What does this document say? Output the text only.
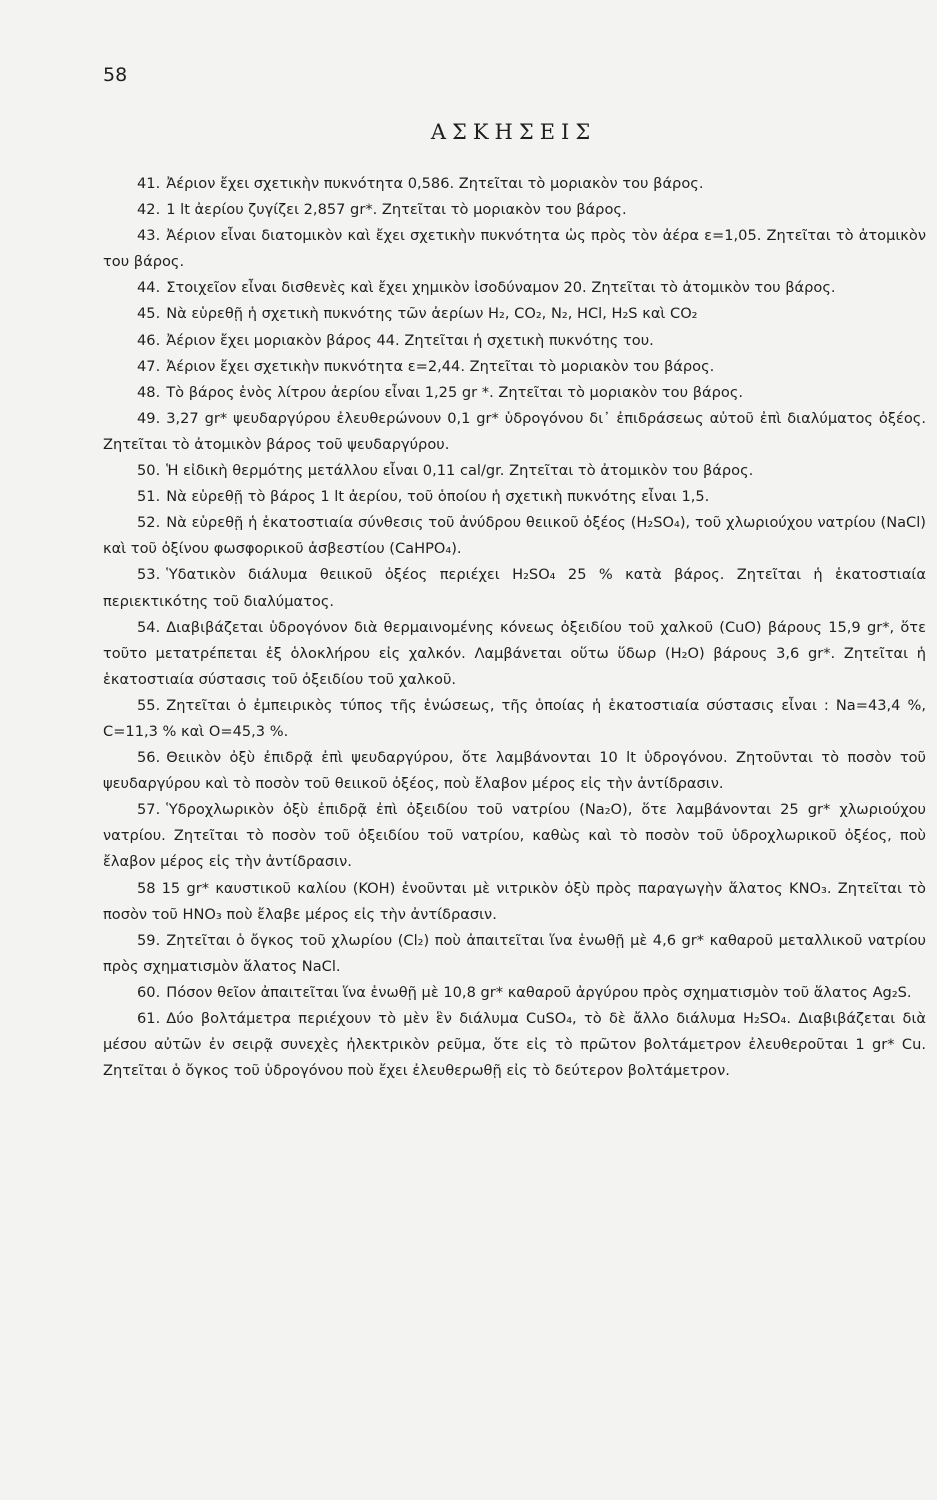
58
ΑΣΚΗΣΕΙΣ

41. Ἀέριον ἔχει σχετικὴν πυκνότητα 0,586. Ζητεῖται τὸ μοριακὸν του βάρος.

42. 1 lt ἀερίου ζυγίζει 2,857 gr*. Ζητεῖται τὸ μοριακὸν του βάρος.

43. Ἀέριον εἶναι διατομικὸν καὶ ἔχει σχετικὴν πυκνότητα ὡς πρὸς τὸν ἀέρα ε=1,05. Ζητεῖται τὸ ἀτομικὸν του βάρος.

44. Στοιχεῖον εἶναι δισθενὲς καὶ ἔχει χημικὸν ἰσοδύναμον 20. Ζητεῖται τὸ ἀτομικὸν του βάρος.

45. Νὰ εὑρεθῇ ἡ σχετικὴ πυκνότης τῶν ἀερίων H₂, CO₂, N₂, HCl, H₂S καὶ CO₂

46. Ἀέριον ἔχει μοριακὸν βάρος 44. Ζητεῖται ἡ σχετικὴ πυκνότης του.

47. Ἀέριον ἔχει σχετικὴν πυκνότητα ε=2,44. Ζητεῖται τὸ μοριακὸν του βάρος.

48. Τὸ βάρος ἑνὸς λίτρου ἀερίου εἶναι 1,25 gr *. Ζητεῖται τὸ μοριακὸν του βάρος.

49. 3,27 gr* ψευδαργύρου ἐλευθερώνουν 0,1 gr* ὑδρογόνου δι᾽ ἐπιδράσεως αὐτοῦ ἐπὶ διαλύματος ὀξέος. Ζητεῖται τὸ ἀτομικὸν βάρος τοῦ ψευδαργύρου.

50. Ἡ εἰδικὴ θερμότης μετάλλου εἶναι 0,11 cal/gr. Ζητεῖται τὸ ἀτομικὸν του βάρος.

51. Νὰ εὑρεθῇ τὸ βάρος 1 lt ἀερίου, τοῦ ὁποίου ἡ σχετικὴ πυκνότης εἶναι 1,5.

52. Νὰ εὑρεθῇ ἡ ἑκατοστιαία σύνθεσις τοῦ ἀνύδρου θειικοῦ ὀξέος (H₂SO₄), τοῦ χλωριούχου νατρίου (NaCl) καὶ τοῦ ὀξίνου φωσφορικοῦ ἀσβεστίου (CaHPO₄).

53. Ὑδατικὸν διάλυμα θειικοῦ ὀξέος περιέχει H₂SO₄ 25 % κατὰ βάρος. Ζητεῖται ἡ ἑκατοστιαία περιεκτικότης τοῦ διαλύματος.

54. Διαβιβάζεται ὑδρογόνον διὰ θερμαινομένης κόνεως ὀξειδίου τοῦ χαλκοῦ (CuO) βάρους 15,9 gr*, ὅτε τοῦτο μετατρέπεται ἐξ ὁλοκλήρου εἰς χαλκόν. Λαμβάνεται οὕτω ὕδωρ (H₂O) βάρους 3,6 gr*. Ζητεῖται ἡ ἑκατοστιαία σύστασις τοῦ ὀξειδίου τοῦ χαλκοῦ.

55. Ζητεῖται ὁ ἐμπειρικὸς τύπος τῆς ἑνώσεως, τῆς ὁποίας ἡ ἑκατοστιαία σύστασις εἶναι : Na=43,4 %, C=11,3 % καὶ O=45,3 %.

56. Θειικὸν ὀξὺ ἐπιδρᾷ ἐπὶ ψευδαργύρου, ὅτε λαμβάνονται 10 lt ὑδρογόνου. Ζητοῦνται τὸ ποσὸν τοῦ ψευδαργύρου καὶ τὸ ποσὸν τοῦ θειικοῦ ὀξέος, ποὺ ἔλαβον μέρος εἰς τὴν ἀντίδρασιν.

57. Ὑδροχλωρικὸν ὀξὺ ἐπιδρᾷ ἐπὶ ὀξειδίου τοῦ νατρίου (Na₂O), ὅτε λαμβάνονται 25 gr* χλωριούχου νατρίου. Ζητεῖται τὸ ποσὸν τοῦ ὀξειδίου τοῦ νατρίου, καθὼς καὶ τὸ ποσὸν τοῦ ὑδροχλωρικοῦ ὀξέος, ποὺ ἔλαβον μέρος εἰς τὴν ἀντίδρασιν.

58 15 gr* καυστικοῦ καλίου (KOH) ἑνοῦνται μὲ νιτρικὸν ὀξὺ πρὸς παραγωγὴν ἅλατος KNO₃. Ζητεῖται τὸ ποσὸν τοῦ HNO₃ ποὺ ἔλαβε μέρος εἰς τὴν ἀντίδρασιν.

59. Ζητεῖται ὁ ὄγκος τοῦ χλωρίου (Cl₂) ποὺ ἀπαιτεῖται ἵνα ἑνωθῇ μὲ 4,6 gr* καθαροῦ μεταλλικοῦ νατρίου πρὸς σχηματισμὸν ἅλατος NaCl.

60. Πόσον θεῖον ἀπαιτεῖται ἵνα ἑνωθῇ μὲ 10,8 gr* καθαροῦ ἀργύρου πρὸς σχηματισμὸν τοῦ ἅλατος Ag₂S.

61. Δύο βολτάμετρα περιέχουν τὸ μὲν ἓν διάλυμα CuSO₄, τὸ δὲ ἄλλο διάλυμα H₂SO₄. Διαβιβάζεται διὰ μέσου αὐτῶν ἐν σειρᾷ συνεχὲς ἠλεκτρικὸν ρεῦμα, ὅτε εἰς τὸ πρῶτον βολτάμετρον ἐλευθεροῦται 1 gr* Cu. Ζητεῖται ὁ ὄγκος τοῦ ὑδρογόνου ποὺ ἔχει ἐλευθερωθῇ εἰς τὸ δεύτερον βολτάμετρον.
